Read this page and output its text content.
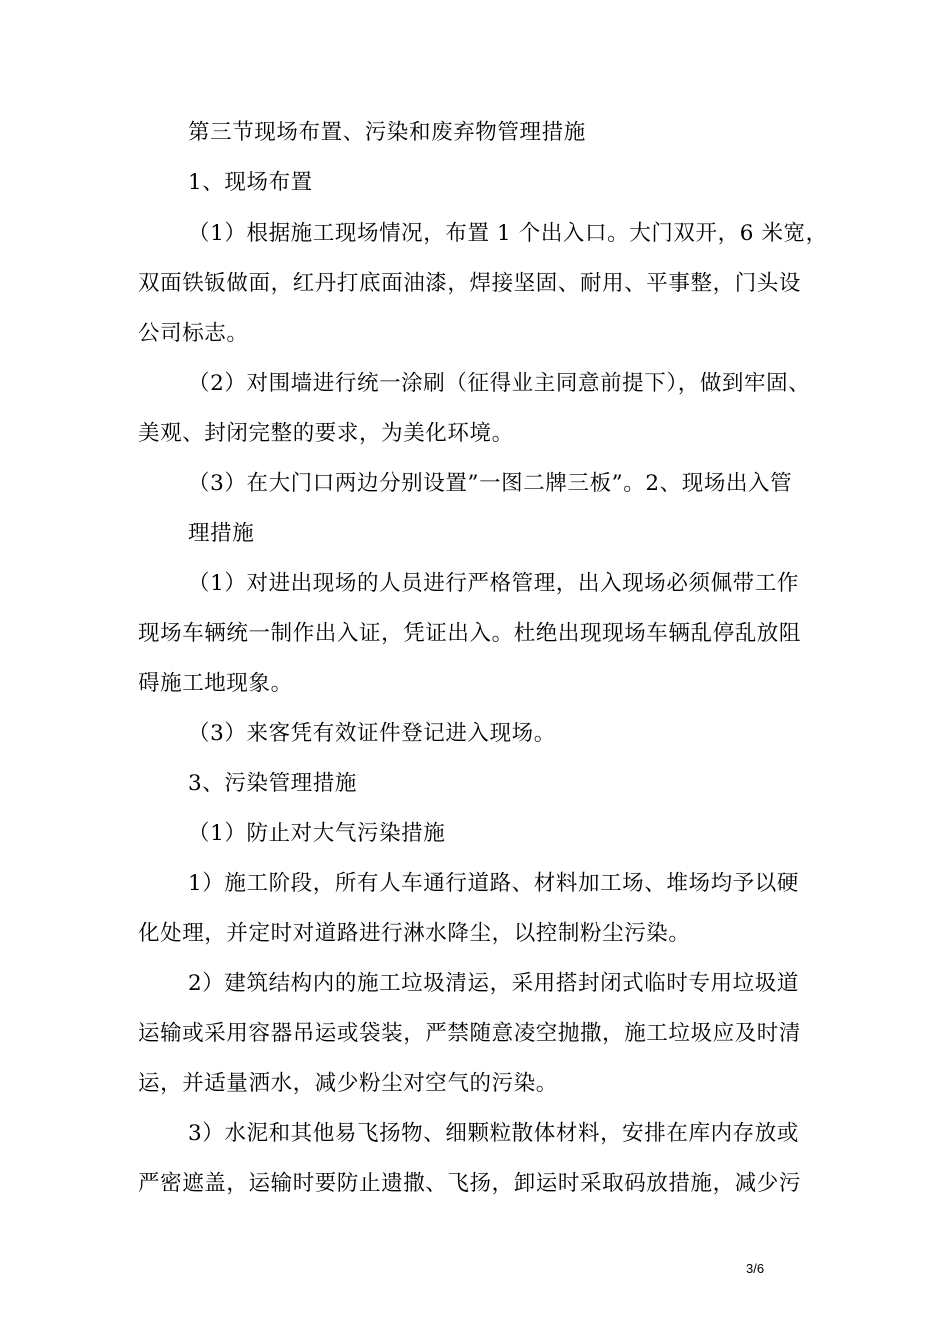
第三节现场布置、污染和废弃物管理措施
1、现场布置
（1）根据施工现场情况，布置 1 个出入口。大门双开，6 米宽，
双面铁钣做面，红丹打底面油漆，焊接坚固、耐用、平事整，门头设
公司标志。
（2）对围墙进行统一涂刷（征得业主同意前提下），做到牢固、
美观、封闭完整的要求，为美化环境。
（3）在大门口两边分别设置”一图二牌三板”。2、现场出入管
理措施
（1）对进出现场的人员进行严格管理，出入现场必须佩带工作
现场车辆统一制作出入证，凭证出入。杜绝出现现场车辆乱停乱放阻
碍施工地现象。
（3）来客凭有效证件登记进入现场。
3、污染管理措施
（1）防止对大气污染措施
1）施工阶段，所有人车通行道路、材料加工场、堆场均予以硬
化处理，并定时对道路进行淋水降尘，以控制粉尘污染。
2）建筑结构内的施工垃圾清运，采用搭封闭式临时专用垃圾道
运输或采用容器吊运或袋装，严禁随意凌空抛撒，施工垃圾应及时清
运，并适量洒水，减少粉尘对空气的污染。
3）水泥和其他易飞扬物、细颗粒散体材料，安排在库内存放或
严密遮盖，运输时要防止遗撒、飞扬，卸运时采取码放措施，减少污
3/6
